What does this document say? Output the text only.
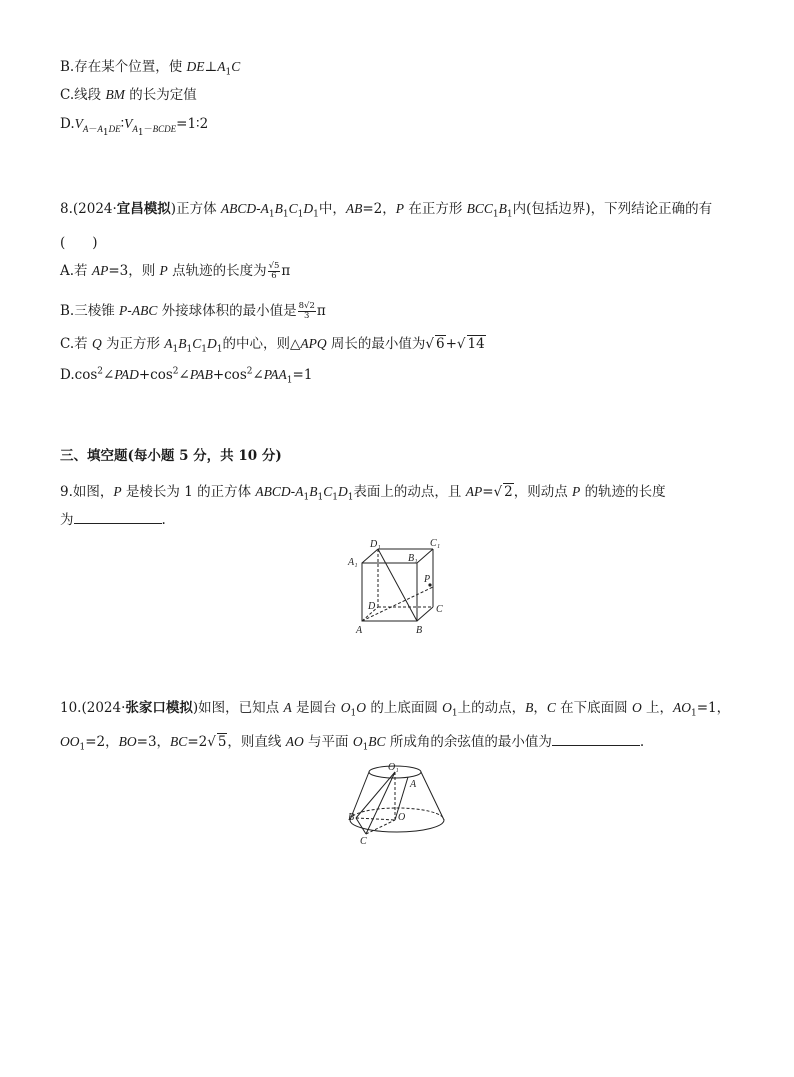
B.存在某个位置，使 $DE\perp A_1C$
C.线段 BM 的长为定值
$D.V_{A-A_1DE}∶V_{A_1-BCDE}=1∶2$
8.(2024·宜昌模拟)正方体 ABCD-$A_1B_1C_1D_1$中，AB=2，P 在正方形 $BCC_1B_1$内(包括边界)，下列结论正确的有
(　　)
A.若 AP=3，则 P 点轨迹的长度为 $\frac{√5}{6}$ π
B.三棱锥 P-ABC 外接球体积的最小值是 $\frac{8√2}{3}$ π
C.若 Q 为正方形 $A_1B_1C_1D_1$的中心，则△APQ 周长的最小值为√ 6+√ 14
$D.\cos^2\angle PAD+\cos^2\angle PAB+\cos^2\angle PAA_1=1$
三、填空题(每小题 5 分，共 10 分)
9.如图，P 是棱长为 1 的正方体 ABCD-$A_1B_1C_1D_1$表面上的动点，且 AP=√ 2，则动点 P 的轨迹的长度
为	.
D₁
B₁
C₁
A₁
P
D	C
A	B
10.(2024·张家口模拟)如图，已知点 A 是圆台 $O_1O$ 的上底面圆 $O_1$上的动点，B，C 在下底面圆 O 上，$AO_1=1$，
$OO_1=2$，BO=3，BC=2√ 5，则直线 AO 与平面 $O_1BC$ 所成角的余弦值的最小值为	.
O₁
A
B	O
C
